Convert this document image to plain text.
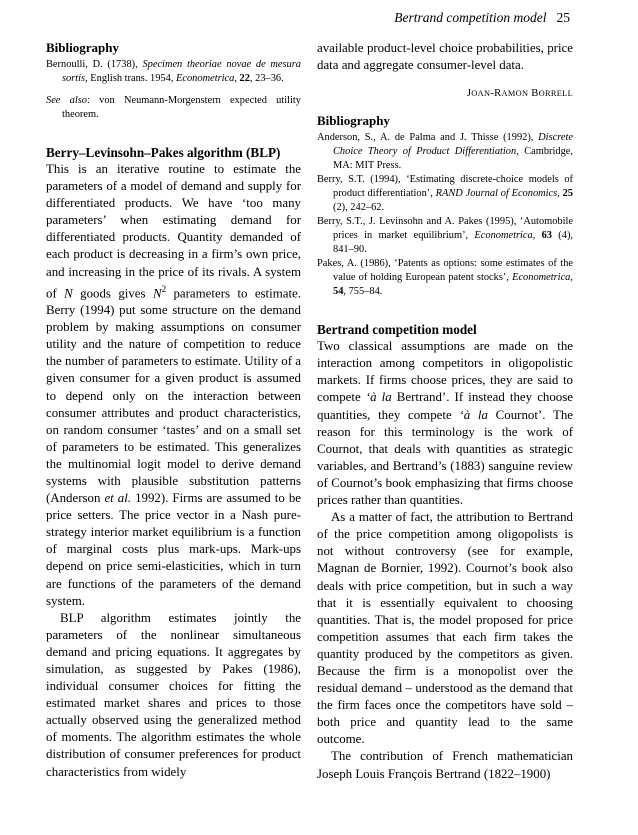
Bertrand competition model 25

Bibliography

Bernoulli, D. (1738), Specimen theoriae novae de mesura sortis, English trans. 1954, Econometrica, 22, 23–36.

See also: von Neumann-Morgenstern expected utility theorem.

Berry–Levinsohn–Pakes algorithm (BLP)

This is an iterative routine to estimate the parameters of a model of demand and supply for differentiated products. We have ‘too many parameters’ when estimating demand for differentiated products. Quantity demanded of each product is decreasing in a firm’s own price, and increasing in the price of its rivals. A system of N goods gives $N^2$ parameters to estimate. Berry (1994) put some structure on the demand problem by making assumptions on consumer utility and the nature of competition to reduce the number of parameters to estimate. Utility of a given consumer for a given product is assumed to depend only on the interaction between consumer attributes and product characteristics, on random consumer ‘tastes’ and on a small set of parameters to be estimated. This generalizes the multinomial logit model to derive demand systems with plausible substitution patterns (Anderson et al. 1992). Firms are assumed to be price setters. The price vector in a Nash pure-strategy interior market equilibrium is a function of marginal costs plus mark-ups. Mark-ups depend on price semi-elasticities, which in turn are functions of the parameters of the demand system.

BLP algorithm estimates jointly the parameters of the nonlinear simultaneous demand and pricing equations. It aggregates by simulation, as suggested by Pakes (1986), individual consumer choices for fitting the estimated market shares and prices to those actually observed using the generalized method of moments. The algorithm estimates the whole distribution of consumer preferences for product characteristics from widely

available product-level choice probabilities, price data and aggregate consumer-level data.

JOAN-RAMON BORRELL

Bibliography

Anderson, S., A. de Palma and J. Thisse (1992), Discrete Choice Theory of Product Differentiation, Cambridge, MA: MIT Press.

Berry, S.T. (1994), ‘Estimating discrete-choice models of product differentiation’, RAND Journal of Economics, 25 (2), 242–62.

Berry, S.T., J. Levinsohn and A. Pakes (1995), ‘Automobile prices in market equilibrium’, Econometrica, 63 (4), 841–90.

Pakes, A. (1986), ‘Patents as options: some estimates of the value of holding European patent stocks’, Econometrica, 54, 755–84.

Bertrand competition model

Two classical assumptions are made on the interaction among competitors in oligopolistic markets. If firms choose prices, they are said to compete ‘à la Bertrand’. If instead they choose quantities, they compete ‘à la Cournot’. The reason for this terminology is the work of Cournot, that deals with quantities as strategic variables, and Bertrand’s (1883) sanguine review of Cournot’s book emphasizing that firms choose prices rather than quantities.

As a matter of fact, the attribution to Bertrand of the price competition among oligopolists is not without controversy (see for example, Magnan de Bornier, 1992). Cournot’s book also deals with price competition, but in such a way that it is essentially equivalent to choosing quantities. That is, the model proposed for price competition assumes that each firm takes the quantity produced by the competitors as given. Because the firm is a monopolist over the residual demand – understood as the demand that the firm faces once the competitors have sold – both price and quantity lead to the same outcome.

The contribution of French mathematician Joseph Louis François Bertrand (1822–1900)
